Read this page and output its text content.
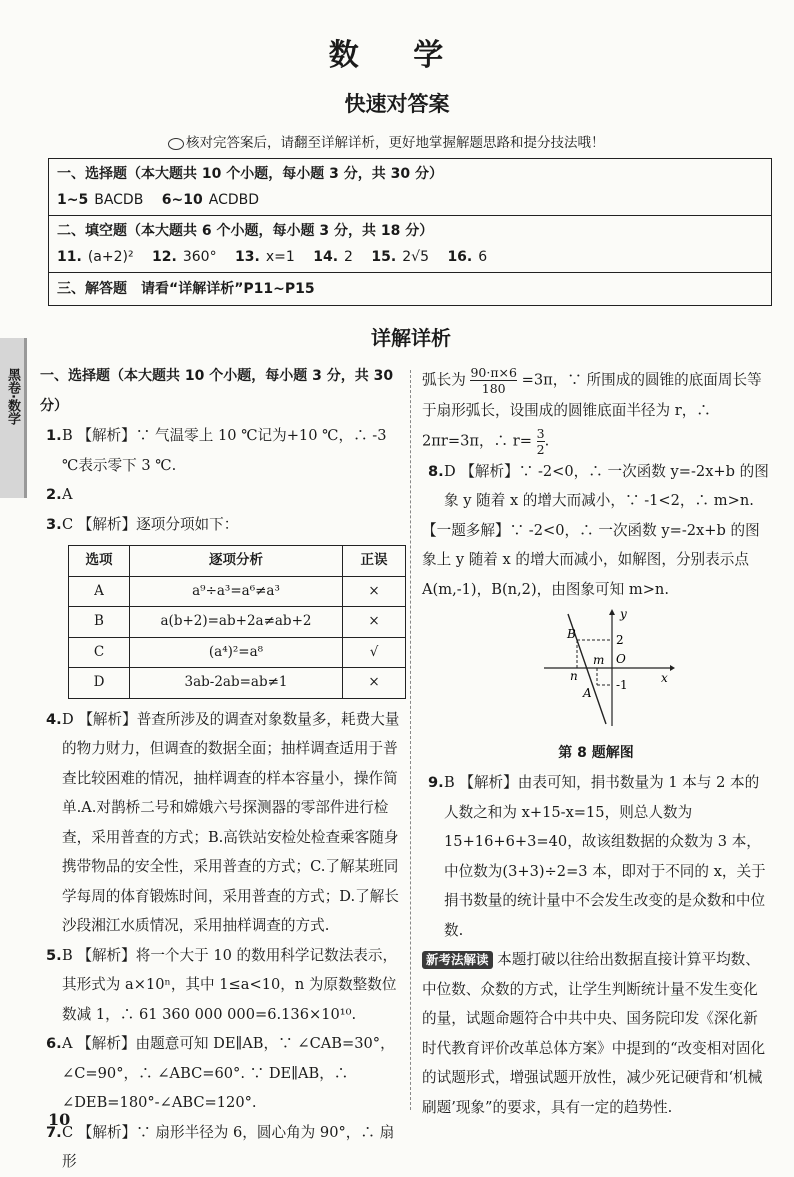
数 学
快速对答案
核对完答案后，请翻至详解详析，更好地掌握解题思路和提分技法哦！
一、选择题（本大题共 10 个小题，每小题 3 分，共 30 分）
1~5 BACDB 6~10 ACDBD
二、填空题（本大题共 6 个小题，每小题 3 分，共 18 分）
11. (a+2)² 12. 360° 13. x=1 14. 2 15. 2√5 16. 6
三、解答题　请看“详解详析”P11~P15
黑卷·数学
详解详析

一、选择题（本大题共 10 个小题，每小题 3 分，共 30 分）

1. B 【解析】∵ 气温零上 10 ℃记为+10 ℃，∴ -3 ℃表示零下 3 ℃.

2. A

3. C 【解析】逐项分项如下：

选项	逐项分析	正误
A	a⁹÷a³=a⁶≠a³	×
B	a(b+2)=ab+2a≠ab+2	×
C	(a⁴)²=a⁸	√
D	3ab-2ab=ab≠1	×

4. D 【解析】普查所涉及的调查对象数量多，耗费大量的物力财力，但调查的数据全面；抽样调查适用于普查比较困难的情况，抽样调查的样本容量小，操作简单.A.对鹊桥二号和嫦娥六号探测器的零部件进行检查，采用普查的方式；B.高铁站安检处检查乘客随身携带物品的安全性，采用普查的方式；C.了解某班同学每周的体育锻炼时间，采用普查的方式；D.了解长沙段湘江水质情况，采用抽样调查的方式.

5. B 【解析】将一个大于 10 的数用科学记数法表示，其形式为 a×10ⁿ，其中 1≤a<10，n 为原数整数位数减 1，∴ 61 360 000 000=6.136×10¹⁰.

6. A 【解析】由题意可知 DE∥AB，∵ ∠CAB=30°，∠C=90°，∴ ∠ABC=60°. ∵ DE∥AB，∴ ∠DEB=180°-∠ABC=120°.

7. C 【解析】∵ 扇形半径为 6，圆心角为 90°，∴ 扇形

弧长为 $\frac{90\cdot\pi\times 6}{180} =3\pi$，∵ 所围成的圆锥的底面周长等于扇形弧长，设围成的圆锥底面半径为 r，∴ 2πr=3π，∴ $r= \frac{3}{2}$ .

8. D 【解析】∵ -2<0，∴ 一次函数 y=-2x+b 的图象 y 随着 x 的增大而减小，∵ -1<2，∴ m>n.

【一题多解】∵ -2<0，∴ 一次函数 y=-2x+b 的图象上 y 随着 x 的增大而减小，如解图，分别表示点 A(m,-1)，B(n,2)，由图象可知 m>n.

y
x
O
B
A
2
-1
m
n

第 8 题解图

9. B 【解析】由表可知，捐书数量为 1 本与 2 本的人数之和为 x+15-x=15，则总人数为 15+16+6+3=40，故该组数据的众数为 3 本，中位数为(3+3)÷2=3 本，即对于不同的 x，关于捐书数量的统计量中不会发生改变的是众数和中位数.

新考法解读 本题打破以往给出数据直接计算平均数、中位数、众数的方式，让学生判断统计量不发生变化的量，试题命题符合中共中央、国务院印发《深化新时代教育评价改革总体方案》中提到的“改变相对固化的试题形式，增强试题开放性，减少死记硬背和‘机械刷题’现象”的要求，具有一定的趋势性.

10
